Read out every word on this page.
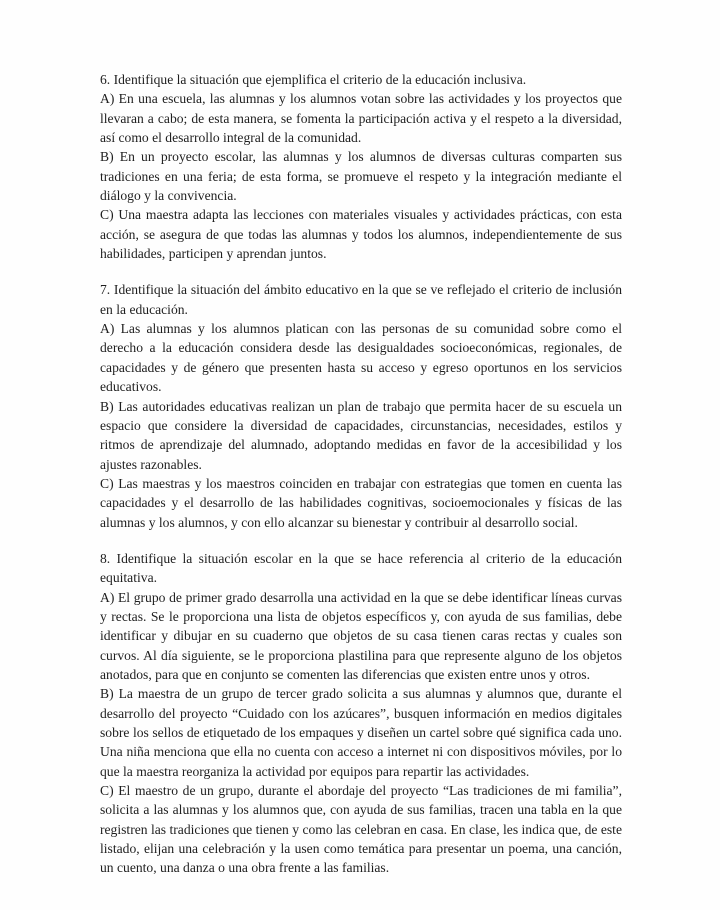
6. Identifique la situación que ejemplifica el criterio de la educación inclusiva.

A) En una escuela, las alumnas y los alumnos votan sobre las actividades y los proyectos que llevaran a cabo; de esta manera, se fomenta la participación activa y el respeto a la diversidad, así como el desarrollo integral de la comunidad.

B) En un proyecto escolar, las alumnas y los alumnos de diversas culturas comparten sus tradiciones en una feria; de esta forma, se promueve el respeto y la integración mediante el diálogo y la convivencia.

C) Una maestra adapta las lecciones con materiales visuales y actividades prácticas, con esta acción, se asegura de que todas las alumnas y todos los alumnos, independientemente de sus habilidades, participen y aprendan juntos.

7. Identifique la situación del ámbito educativo en la que se ve reflejado el criterio de inclusión en la educación.

A) Las alumnas y los alumnos platican con las personas de su comunidad sobre como el derecho a la educación considera desde las desigualdades socioeconómicas, regionales, de capacidades y de género que presenten hasta su acceso y egreso oportunos en los servicios educativos.

B) Las autoridades educativas realizan un plan de trabajo que permita hacer de su escuela un espacio que considere la diversidad de capacidades, circunstancias, necesidades, estilos y ritmos de aprendizaje del alumnado, adoptando medidas en favor de la accesibilidad y los ajustes razonables.

C) Las maestras y los maestros coinciden en trabajar con estrategias que tomen en cuenta las capacidades y el desarrollo de las habilidades cognitivas, socioemocionales y físicas de las alumnas y los alumnos, y con ello alcanzar su bienestar y contribuir al desarrollo social.

8. Identifique la situación escolar en la que se hace referencia al criterio de la educación equitativa.

A) El grupo de primer grado desarrolla una actividad en la que se debe identificar líneas curvas y rectas. Se le proporciona una lista de objetos específicos y, con ayuda de sus familias, debe identificar y dibujar en su cuaderno que objetos de su casa tienen caras rectas y cuales son curvos. Al día siguiente, se le proporciona plastilina para que represente alguno de los objetos anotados, para que en conjunto se comenten las diferencias que existen entre unos y otros.

B) La maestra de un grupo de tercer grado solicita a sus alumnas y alumnos que, durante el desarrollo del proyecto “Cuidado con los azúcares”, busquen información en medios digitales sobre los sellos de etiquetado de los empaques y diseñen un cartel sobre qué significa cada uno. Una niña menciona que ella no cuenta con acceso a internet ni con dispositivos móviles, por lo que la maestra reorganiza la actividad por equipos para repartir las actividades.

C) El maestro de un grupo, durante el abordaje del proyecto “Las tradiciones de mi familia”, solicita a las alumnas y los alumnos que, con ayuda de sus familias, tracen una tabla en la que registren las tradiciones que tienen y como las celebran en casa. En clase, les indica que, de este listado, elijan una celebración y la usen como temática para presentar un poema, una canción, un cuento, una danza o una obra frente a las familias.
